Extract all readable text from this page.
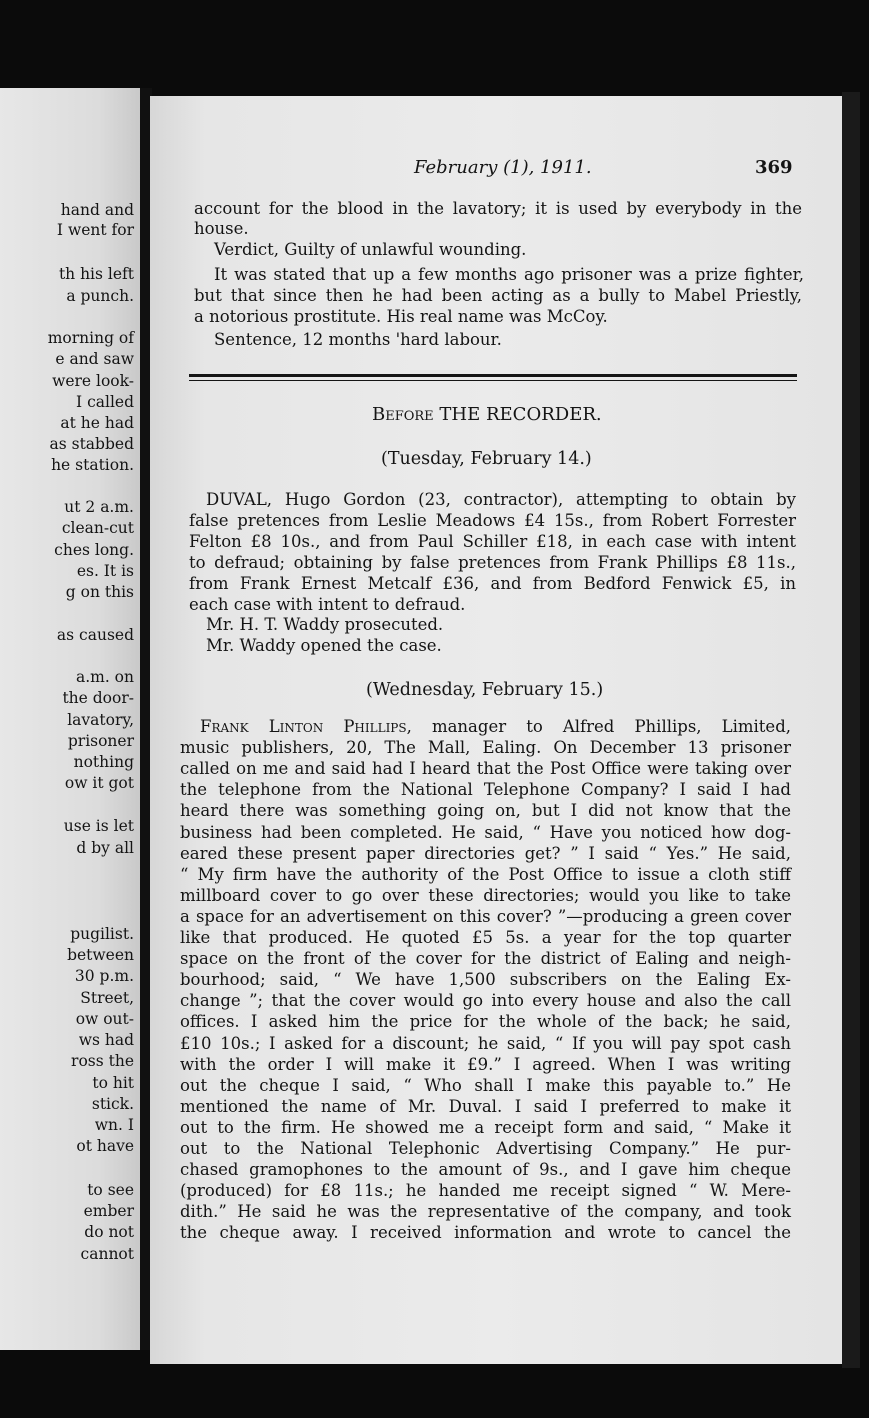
hand and
I went for
th his left
a punch.
morning of
e and saw
were look-
I called
at he had
as stabbed
he station.
ut 2 a.m.
clean-cut
ches long.
es. It is
g on this
as caused
a.m. on
the door-
lavatory,
prisoner
nothing
ow it got
use is let
d by all
pugilist.
between
30 p.m.
Street,
ow out-
ws had
ross the
to hit
stick.
wn. I
ot have
to see
ember
do not
cannot
February (1), 1911.	369
account for the blood in the lavatory; it is used by everybody in the
house.
Verdict, Guilty of unlawful wounding.
It was stated that up a few months ago prisoner was a prize fighter,
but that since then he had been acting as a bully to Mabel Priestly,
a notorious prostitute. His real name was McCoy.
Sentence, 12 months 'hard labour.
Before THE RECORDER.
(Tuesday, February 14.)
DUVAL, Hugo Gordon (23, contractor), attempting to obtain by
false pretences from Leslie Meadows £4 15s., from Robert Forrester
Felton £8 10s., and from Paul Schiller £18, in each case with intent
to defraud; obtaining by false pretences from Frank Phillips £8 11s.,
from Frank Ernest Metcalf £36, and from Bedford Fenwick £5, in
each case with intent to defraud.
Mr. H. T. Waddy prosecuted.
Mr. Waddy opened the case.
(Wednesday, February 15.)
Frank Linton Phillips, manager to Alfred Phillips, Limited,
music publishers, 20, The Mall, Ealing. On December 13 prisoner
called on me and said had I heard that the Post Office were taking over
the telephone from the National Telephone Company? I said I had
heard there was something going on, but I did not know that the
business had been completed. He said, “ Have you noticed how dog-
eared these present paper directories get? ” I said “ Yes.” He said,
“ My firm have the authority of the Post Office to issue a cloth stiff
millboard cover to go over these directories; would you like to take
a space for an advertisement on this cover? ”—producing a green cover
like that produced. He quoted £5 5s. a year for the top quarter
space on the front of the cover for the district of Ealing and neigh-
bourhood; said, “ We have 1,500 subscribers on the Ealing Ex-
change ”; that the cover would go into every house and also the call
offices. I asked him the price for the whole of the back; he said,
£10 10s.; I asked for a discount; he said, “ If you will pay spot cash
with the order I will make it £9.” I agreed. When I was writing
out the cheque I said, “ Who shall I make this payable to.” He
mentioned the name of Mr. Duval. I said I preferred to make it
out to the firm. He showed me a receipt form and said, “ Make it
out to the National Telephonic Advertising Company.” He pur-
chased gramophones to the amount of 9s., and I gave him cheque
(produced) for £8 11s.; he handed me receipt signed “ W. Mere-
dith.” He said he was the representative of the company, and took
the cheque away. I received information and wrote to cancel the
